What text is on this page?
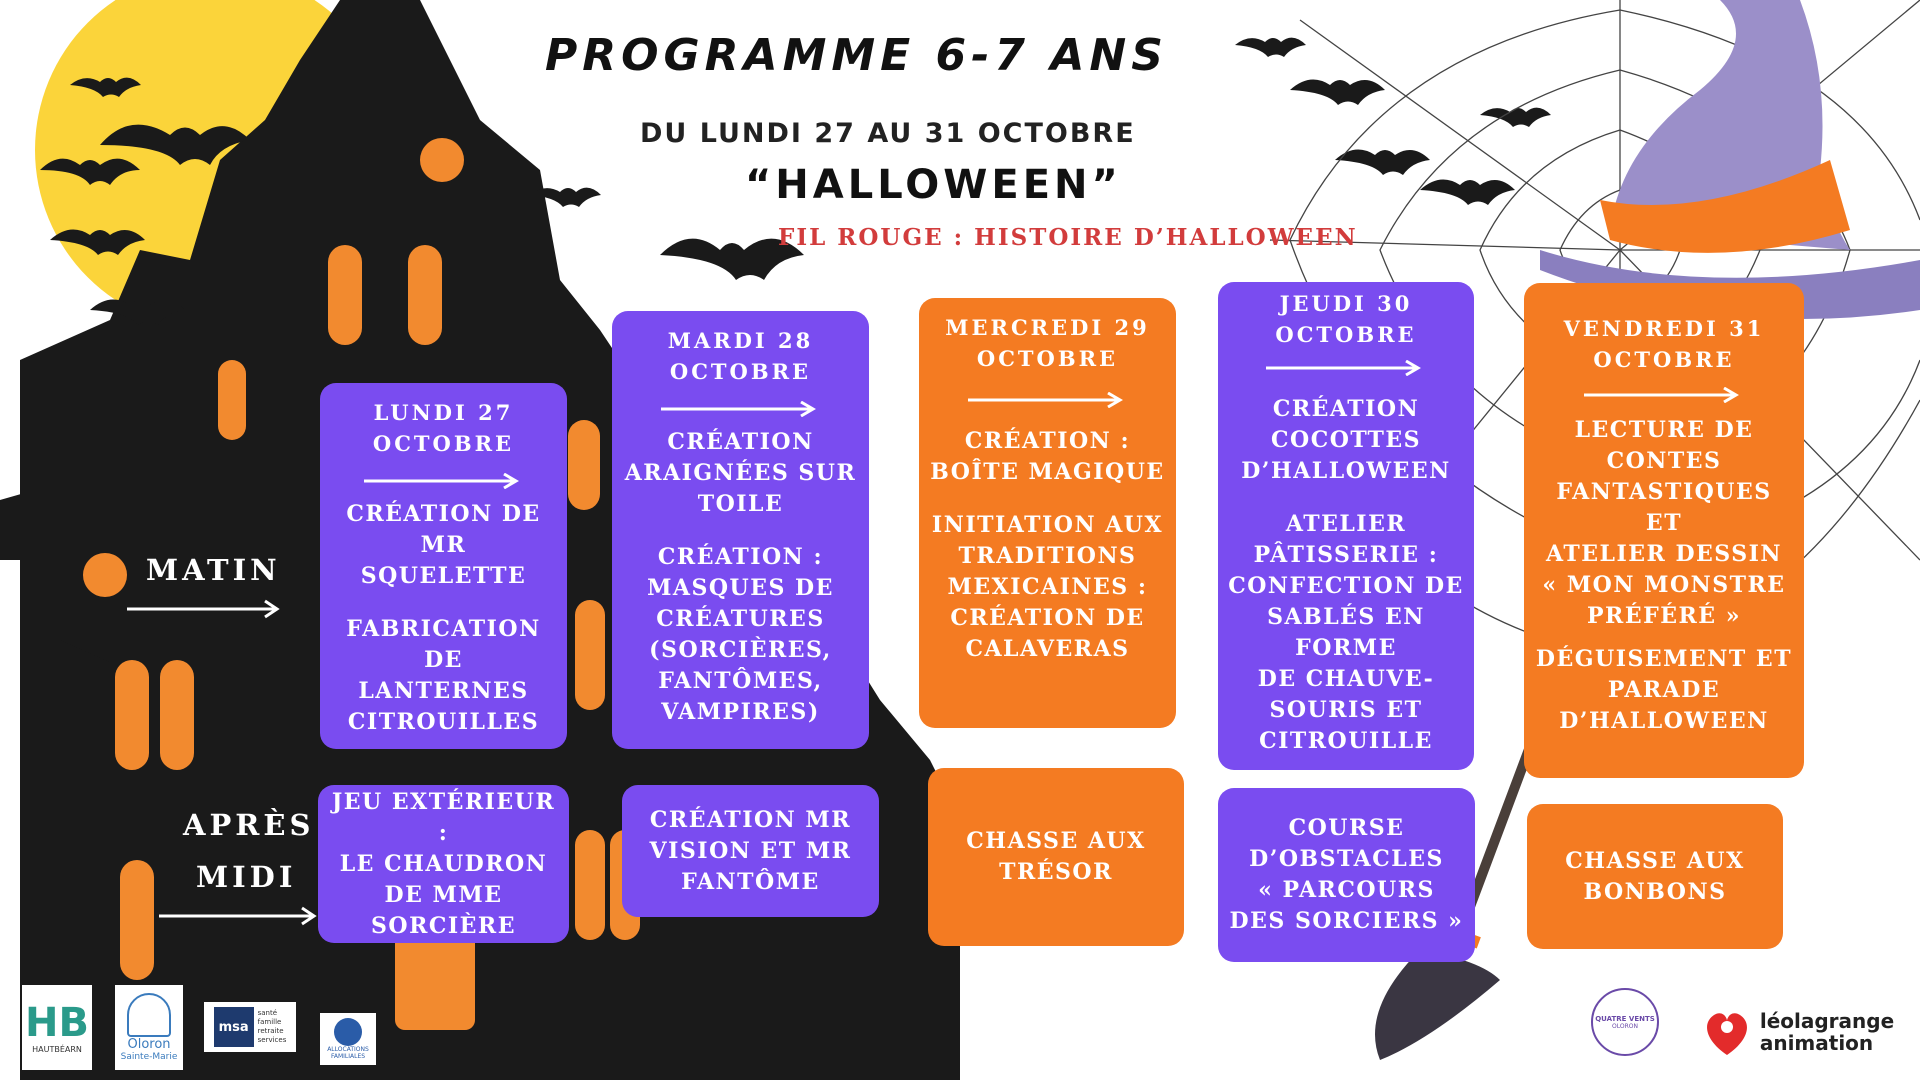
PROGRAMME 6-7 ANS
DU LUNDI 27 AU 31 OCTOBRE
“HALLOWEEN”
FIL ROUGE : HISTOIRE D’HALLOWEEN
MATIN
APRÈS
MIDI
LUNDI 27
OCTOBRE
CRÉATION DE MR
SQUELETTE
FABRICATION DE
LANTERNES
CITROUILLES
JEU EXTÉRIEUR :
LE CHAUDRON
DE MME
SORCIÈRE
MARDI 28
OCTOBRE
CRÉATION
ARAIGNÉES SUR
TOILE
CRÉATION :
MASQUES DE
CRÉATURES
(SORCIÈRES,
FANTÔMES,
VAMPIRES)
CRÉATION MR
VISION ET MR
FANTÔME
MERCREDI 29
OCTOBRE
CRÉATION :
BOÎTE MAGIQUE
INITIATION AUX
TRADITIONS
MEXICAINES :
CRÉATION DE
CALAVERAS
CHASSE AUX
TRÉSOR
JEUDI 30
OCTOBRE
CRÉATION
COCOTTES
D’HALLOWEEN
ATELIER
PÂTISSERIE :
CONFECTION DE
SABLÉS EN FORME
DE CHAUVE-
SOURIS ET
CITROUILLE
COURSE
D’OBSTACLES
« PARCOURS
DES SORCIERS »
VENDREDI 31
OCTOBRE
LECTURE DE
CONTES
FANTASTIQUES
ET
ATELIER DESSIN
« MON MONSTRE
PRÉFÉRÉ »
DÉGUISEMENT ET
PARADE
D’HALLOWEEN
CHASSE AUX
BONBONS
HB
HAUTBÉARN	Oloron
Sainte-Marie
msa
santé
famille
retraite
services
ALLOCATIONS FAMILIALES
QUATRE VENTS
OLORON	léolagrange
animation
